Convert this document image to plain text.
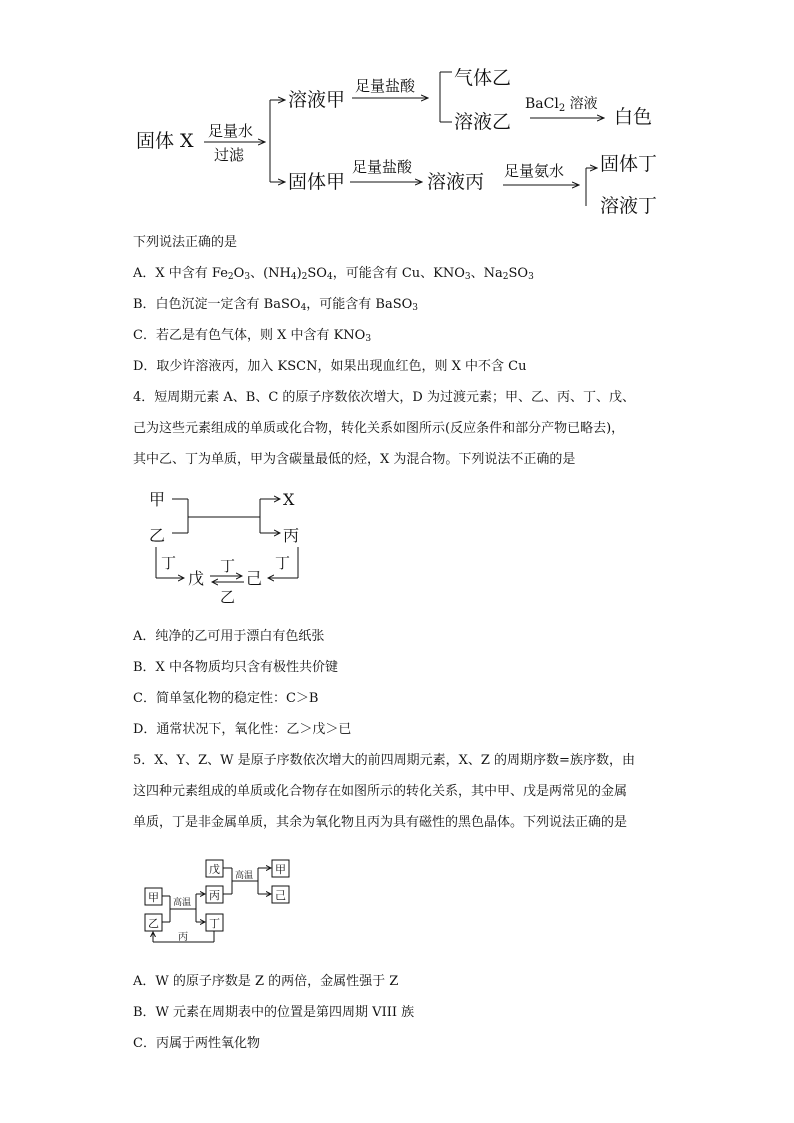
固体 X 足量水
过滤
溶液甲
足量盐酸 气体乙
溶液乙
BaCl$_2$ 溶液
白色
固体甲
足量盐酸
溶液丙 足量氨水 固体丁
溶液丁
下列说法正确的是
A．X 中含有 $Fe_2O_3$、$(NH_4)_2SO_4$，可能含有 Cu、$KNO_3$、$Na_2SO_3$
B．白色沉淀一定含有 BaSO$_4$，可能含有 BaSO$_3$
C．若乙是有色气体，则 X 中含有 $KNO_3$
D．取少许溶液丙，加入 KSCN，如果出现血红色，则 X 中不含 Cu
4．短周期元素 A、B、C 的原子序数依次增大，D 为过渡元素；甲、乙、丙、丁、戊、
己为这些元素组成的单质或化合物，转化关系如图所示(反应条件和部分产物已略去)，
其中乙、丁为单质，甲为含碳量最低的烃，X 为混合物。下列说法不正确的是
甲
乙
X
丙
丁
戊
丁
乙
己
丁
A．纯净的乙可用于漂白有色纸张
B．X 中各物质均只含有极性共价键
C．简单氢化物的稳定性：C＞B
D．通常状况下，氧化性：乙＞戊＞已
5．X、Y、Z、W 是原子序数依次增大的前四周期元素，X、Z 的周期序数=族序数，由
这四种元素组成的单质或化合物存在如图所示的转化关系，其中甲、戊是两常见的金属
单质，丁是非金属单质，其余为氧化物且丙为具有磁性的黑色晶体。下列说法正确的是
戊
丙
甲
己
甲
乙	丁
高温
高温
丙
A．W 的原子序数是 Z 的两倍，金属性强于 Z
B．W 元素在周期表中的位置是第四周期 VIII 族
C．丙属于两性氧化物
